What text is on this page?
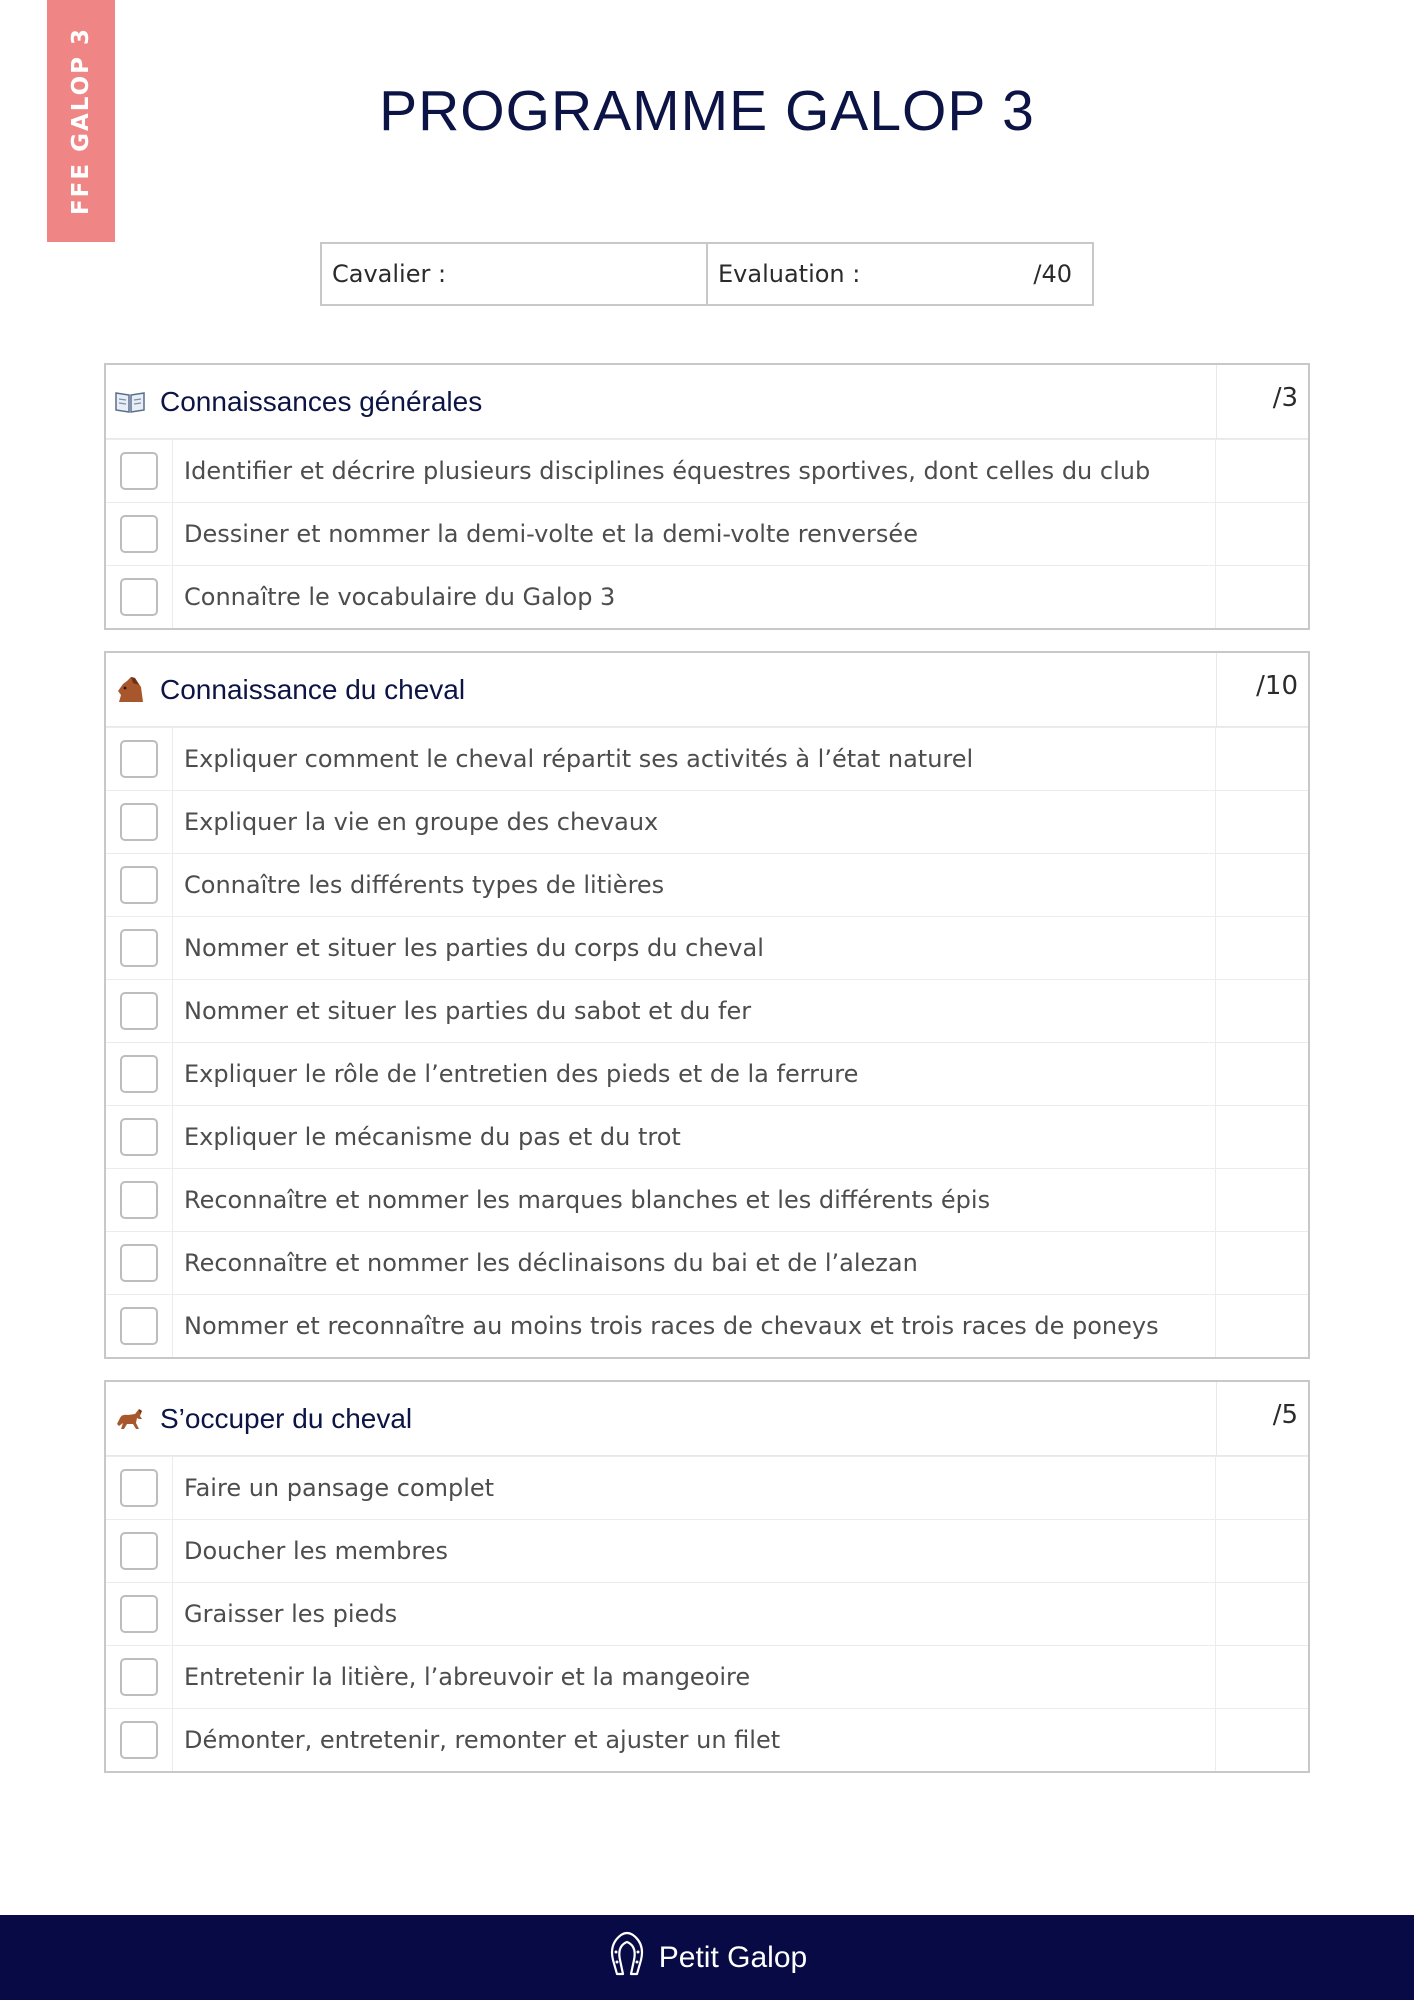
FFE GALOP 3	PROGRAMME GALOP 3
Cavalier :	Evaluation :	/40
Connaissances générales	/3
Identifier et décrire plusieurs disciplines équestres sportives, dont celles du club
Dessiner et nommer la demi-volte et la demi-volte renversée
Connaître le vocabulaire du Galop 3
Connaissance du cheval	/10
Expliquer comment le cheval répartit ses activités à l’état naturel
Expliquer la vie en groupe des chevaux
Connaître les différents types de litières
Nommer et situer les parties du corps du cheval
Nommer et situer les parties du sabot et du fer
Expliquer le rôle de l’entretien des pieds et de la ferrure
Expliquer le mécanisme du pas et du trot
Reconnaître et nommer les marques blanches et les différents épis
Reconnaître et nommer les déclinaisons du bai et de l’alezan
Nommer et reconnaître au moins trois races de chevaux et trois races de poneys
S’occuper du cheval	/5
Faire un pansage complet
Doucher les membres
Graisser les pieds
Entretenir la litière, l’abreuvoir et la mangeoire
Démonter, entretenir, remonter et ajuster un filet
Petit Galop
